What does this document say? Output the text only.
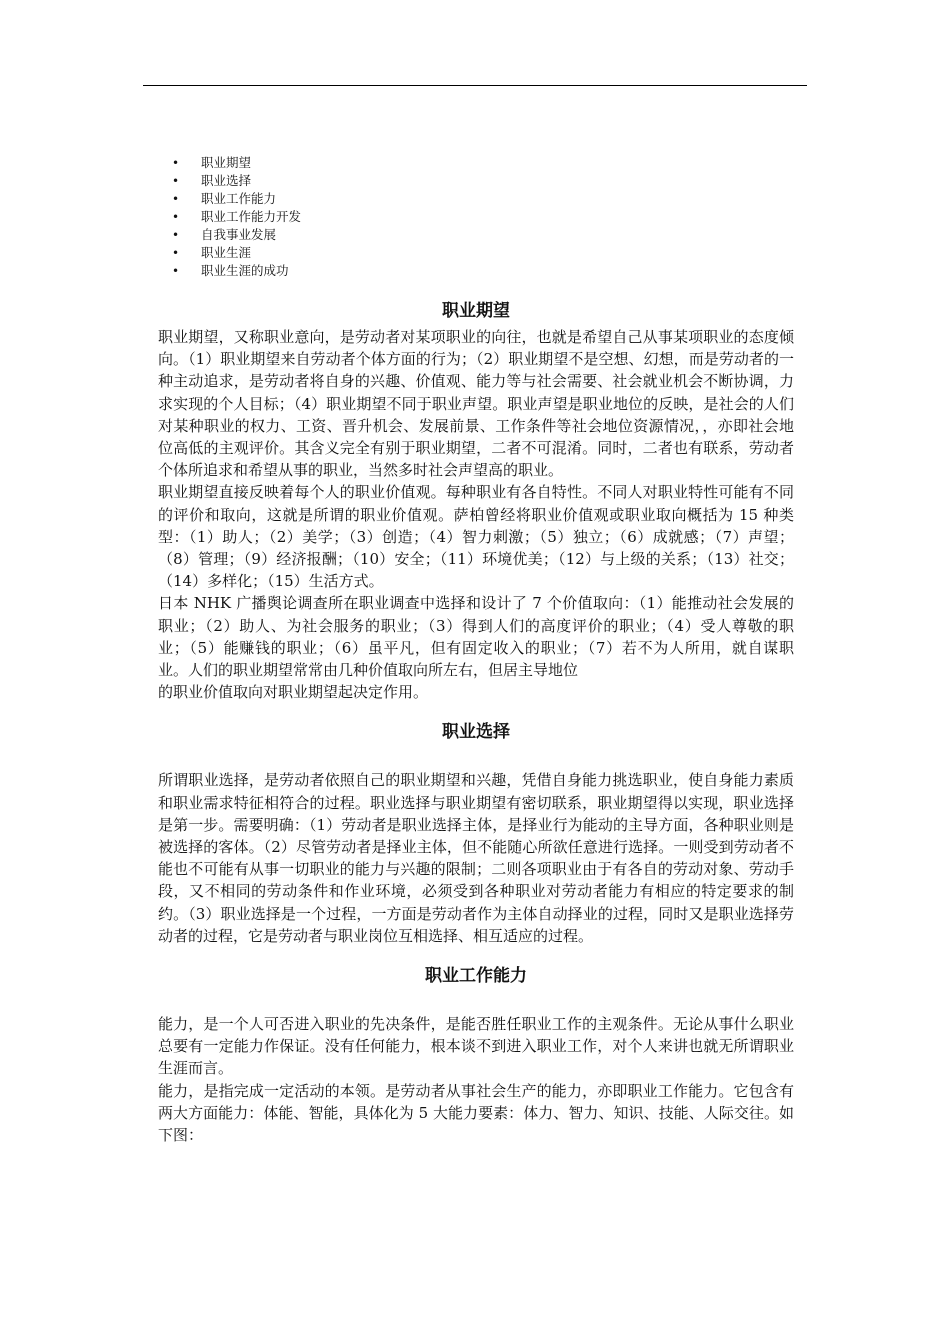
• 职业期望
• 职业选择
• 职业工作能力
• 职业工作能力开发
• 自我事业发展
• 职业生涯
• 职业生涯的成功
职业期望

职业期望，又称职业意向，是劳动者对某项职业的向往，也就是希望自己从事某项职业的态度倾向。（1）职业期望来自劳动者个体方面的行为；（2）职业期望不是空想、幻想，而是劳动者的一种主动追求，是劳动者将自身的兴趣、价值观、能力等与社会需要、社会就业机会不断协调，力求实现的个人目标；（4）职业期望不同于职业声望。职业声望是职业地位的反映，是社会的人们对某种职业的权力、工资、晋升机会、发展前景、工作条件等社会地位资源情况，，亦即社会地位高低的主观评价。其含义完全有别于职业期望，二者不可混淆。同时，二者也有联系，劳动者个体所追求和希望从事的职业，当然多时社会声望高的职业。

职业期望直接反映着每个人的职业价值观。每种职业有各自特性。不同人对职业特性可能有不同的评价和取向，这就是所谓的职业价值观。萨柏曾经将职业价值观或职业取向概括为 15 种类型：（1）助人；（2）美学；（3）创造；（4）智力刺激；（5）独立；（6）成就感；（7）声望；（8）管理；（9）经济报酬；（10）安全；（11）环境优美；（12）与上级的关系；（13）社交；（14）多样化；（15）生活方式。

日本 NHK 广播舆论调查所在职业调查中选择和设计了 7 个价值取向：（1）能推动社会发展的职业；（2）助人、为社会服务的职业；（3）得到人们的高度评价的职业；（4）受人尊敬的职业；（5）能赚钱的职业；（6）虽平凡，但有固定收入的职业；（7）若不为人所用，就自谋职业。人们的职业期望常常由几种价值取向所左右，但居主导地位

的职业价值取向对职业期望起决定作用。

职业选择

所谓职业选择，是劳动者依照自己的职业期望和兴趣，凭借自身能力挑选职业，使自身能力素质和职业需求特征相符合的过程。职业选择与职业期望有密切联系，职业期望得以实现，职业选择是第一步。需要明确：（1）劳动者是职业选择主体，是择业行为能动的主导方面，各种职业则是被选择的客体。（2）尽管劳动者是择业主体，但不能随心所欲任意进行选择。一则受到劳动者不能也不可能有从事一切职业的能力与兴趣的限制；二则各项职业由于有各自的劳动对象、劳动手段，又不相同的劳动条件和作业环境，必须受到各种职业对劳动者能力有相应的特定要求的制约。（3）职业选择是一个过程，一方面是劳动者作为主体自动择业的过程，同时又是职业选择劳动者的过程，它是劳动者与职业岗位互相选择、相互适应的过程。

职业工作能力

能力，是一个人可否进入职业的先决条件，是能否胜任职业工作的主观条件。无论从事什么职业总要有一定能力作保证。没有任何能力，根本谈不到进入职业工作，对个人来讲也就无所谓职业生涯而言。

能力，是指完成一定活动的本领。是劳动者从事社会生产的能力，亦即职业工作能力。它包含有两大方面能力：体能、智能，具体化为 5 大能力要素：体力、智力、知识、技能、人际交往。如下图：
